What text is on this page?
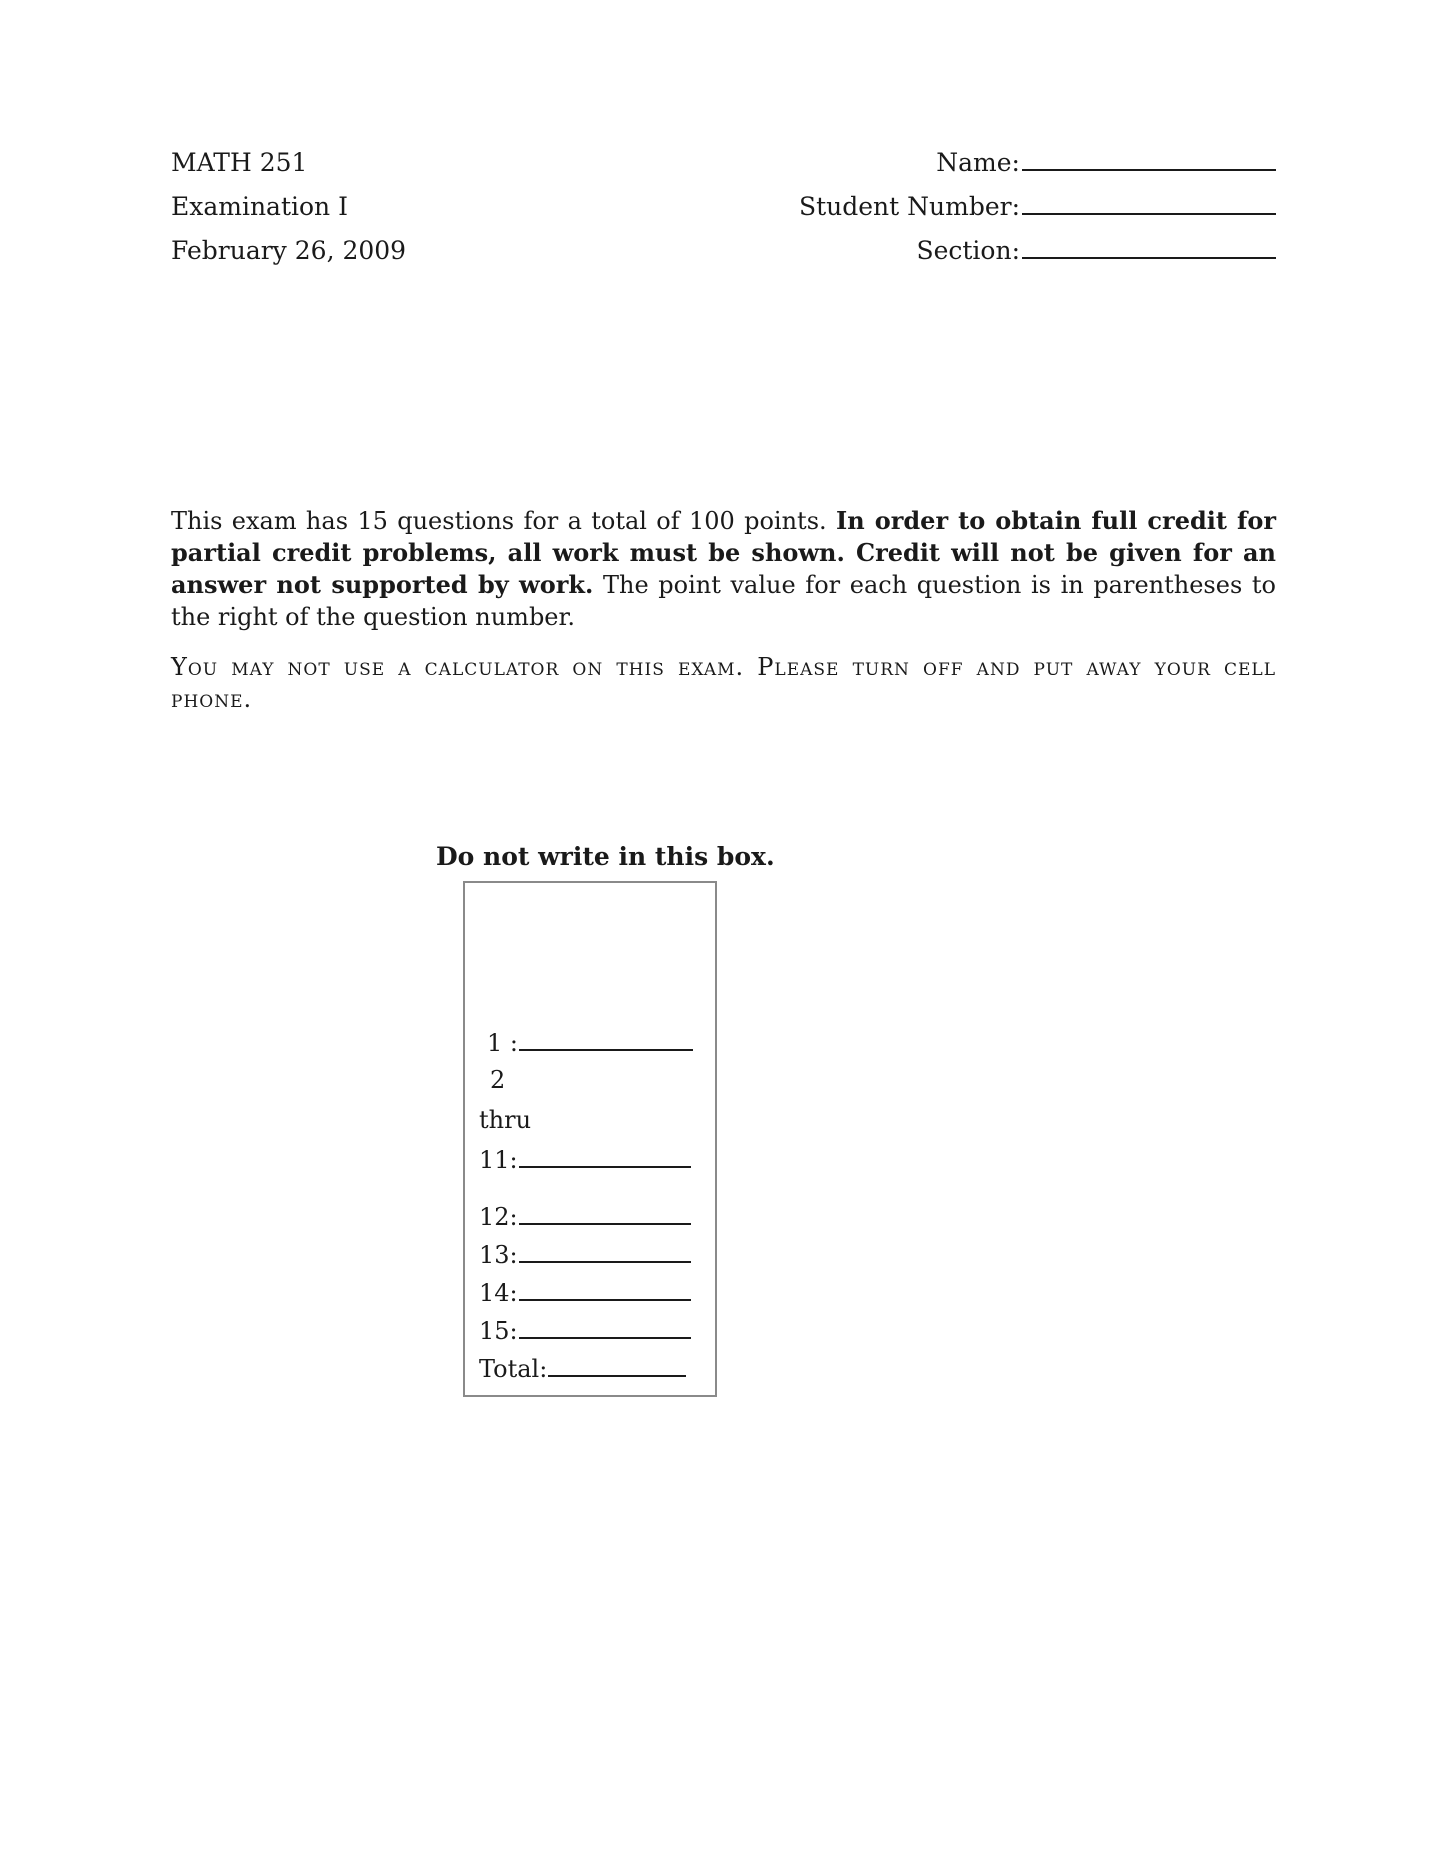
MATH 251
Examination I
February 26, 2009
Name:
Student Number:
Section:

This exam has 15 questions for a total of 100 points. In order to obtain full credit for partial credit problems, all work must be shown. Credit will not be given for an answer not supported by work. The point value for each question is in parentheses to the right of the question number.

You may not use a calculator on this exam. Please turn off and put away your cell phone.

Do not write in this box.
1 :
2
thru
11:
12:
13:
14:
15:
Total:
